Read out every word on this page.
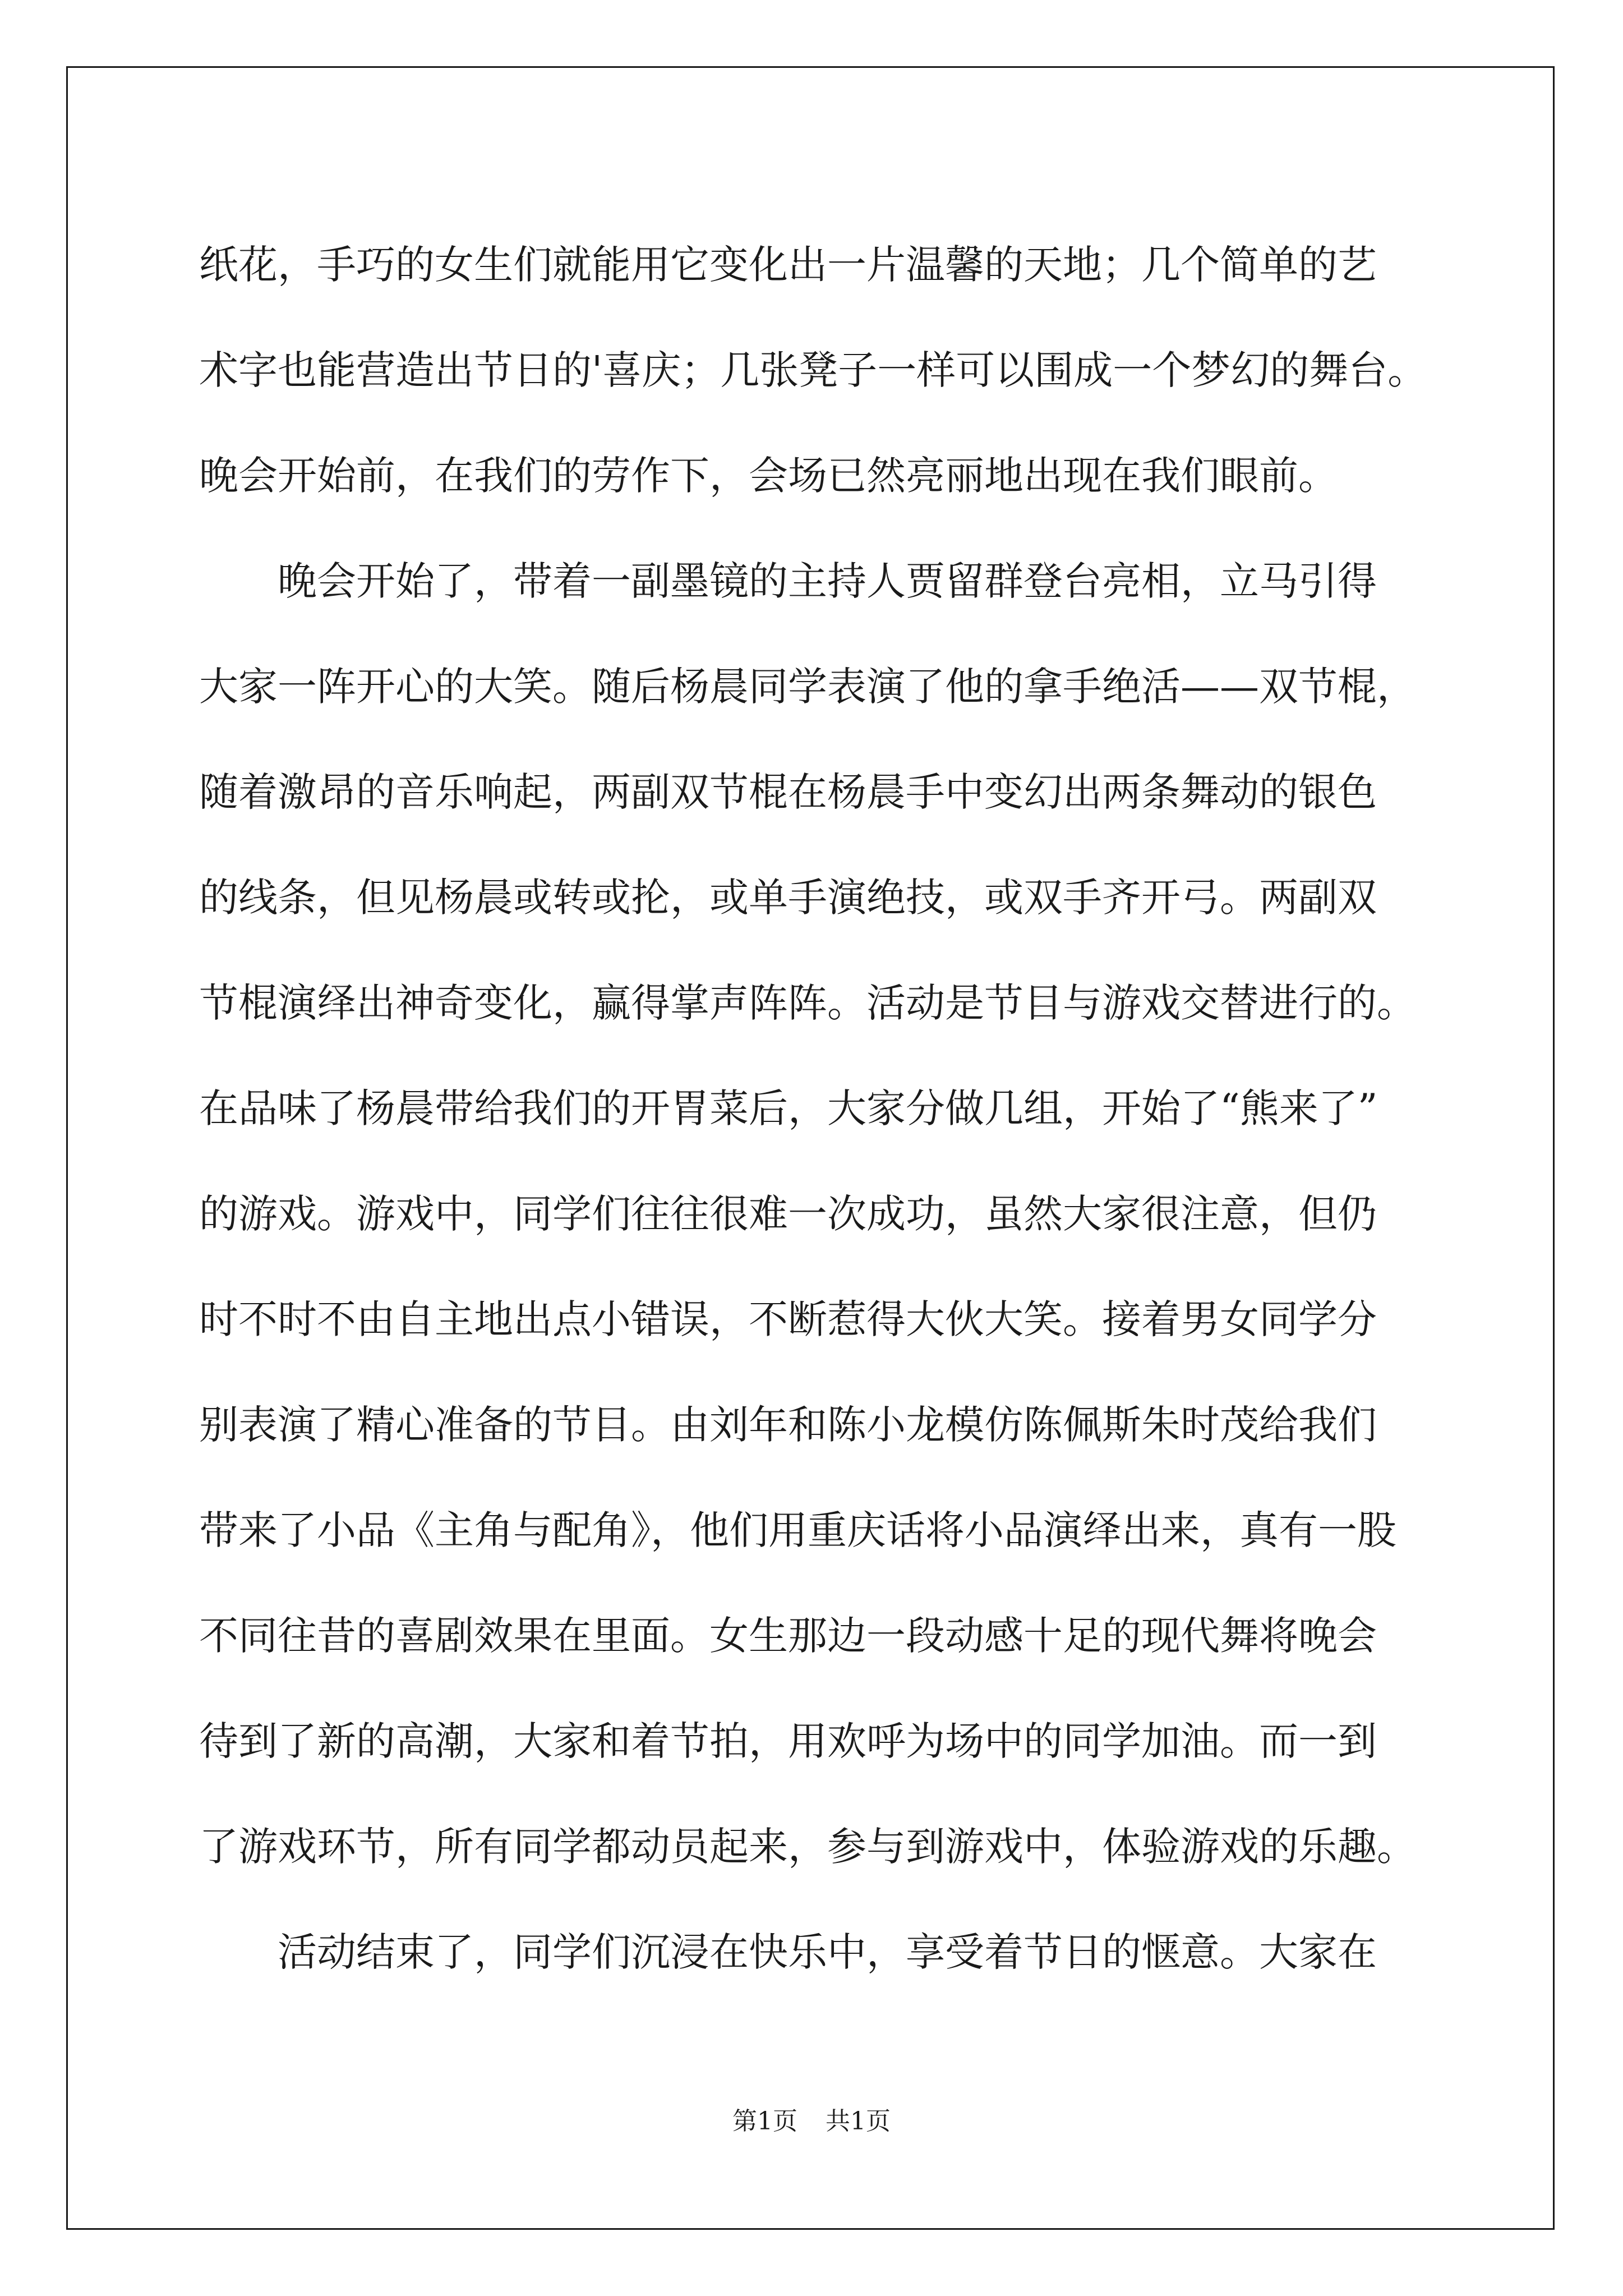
纸花，手巧的女生们就能用它变化出一片温馨的天地；几个简单的艺
术字也能营造出节日的'喜庆；几张凳子一样可以围成一个梦幻的舞台。
晚会开始前，在我们的劳作下，会场已然亮丽地出现在我们眼前。
晚会开始了，带着一副墨镜的主持人贾留群登台亮相，立马引得
大家一阵开心的大笑。随后杨晨同学表演了他的拿手绝活——双节棍，
随着激昂的音乐响起，两副双节棍在杨晨手中变幻出两条舞动的银色
的线条，但见杨晨或转或抡，或单手演绝技，或双手齐开弓。两副双
节棍演绎出神奇变化，赢得掌声阵阵。活动是节目与游戏交替进行的。
在品味了杨晨带给我们的开胃菜后，大家分做几组，开始了“熊来了”
的游戏。游戏中，同学们往往很难一次成功，虽然大家很注意，但仍
时不时不由自主地出点小错误，不断惹得大伙大笑。接着男女同学分
别表演了精心准备的节目。由刘年和陈小龙模仿陈佩斯朱时茂给我们
带来了小品《主角与配角》，他们用重庆话将小品演绎出来，真有一股
不同往昔的喜剧效果在里面。女生那边一段动感十足的现代舞将晚会
待到了新的高潮，大家和着节拍，用欢呼为场中的同学加油。而一到
了游戏环节，所有同学都动员起来，参与到游戏中，体验游戏的乐趣。
活动结束了，同学们沉浸在快乐中，享受着节日的惬意。大家在
第1页 共1页
